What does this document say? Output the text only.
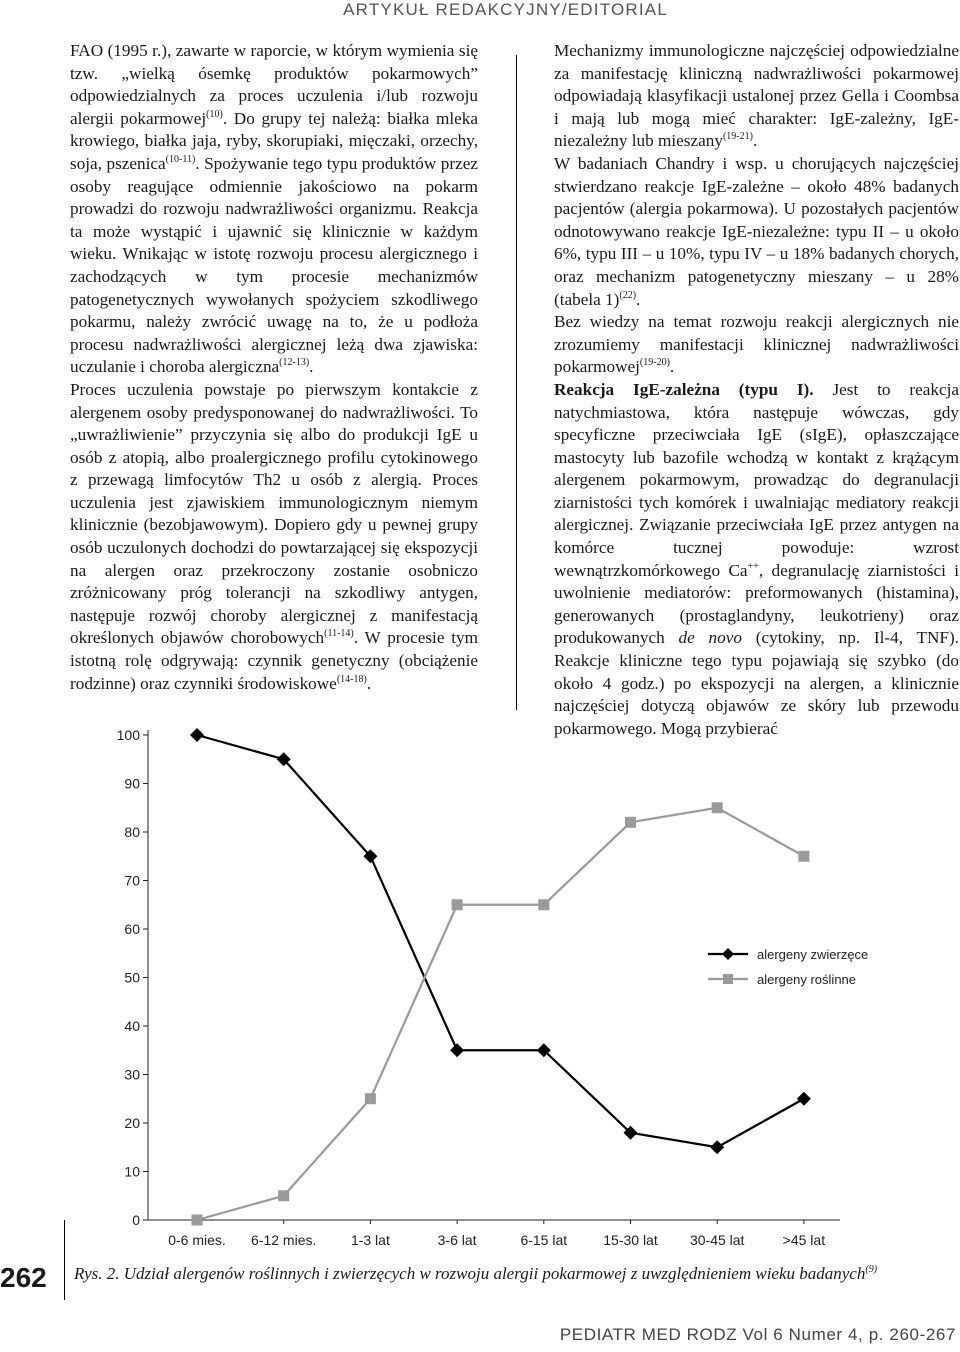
ARTYKUŁ REDAKCYJNY/EDITORIAL

FAO (1995 r.), zawarte w raporcie, w którym wymienia się tzw. „wielką ósemkę produktów pokarmowych” odpowiedzialnych za proces uczulenia i/lub rozwoju alergii pokarmowej$^{(10)}$. Do grupy tej należą: białka mleka krowiego, białka jaja, ryby, skorupiaki, mięczaki, orzechy, soja, pszenica$^{(10-11)}$. Spożywanie tego typu produktów przez osoby reagujące odmiennie jakościowo na pokarm prowadzi do rozwoju nadwrażliwości organizmu. Reakcja ta może wystąpić i ujawnić się klinicznie w każdym wieku. Wnikając w istotę rozwoju procesu alergicznego i zachodzących w tym procesie mechanizmów patogenetycznych wywołanych spożyciem szkodliwego pokarmu, należy zwrócić uwagę na to, że u podłoża procesu nadwrażliwości alergicznej leżą dwa zjawiska: uczulanie i choroba alergiczna$^{(12-13)}$.

Proces uczulenia powstaje po pierwszym kontakcie z alergenem osoby predysponowanej do nadwrażliwości. To „uwrażliwienie” przyczynia się albo do produkcji IgE u osób z atopią, albo proalergicznego profilu cytokinowego z przewagą limfocytów Th2 u osób z alergią. Proces uczulenia jest zjawiskiem immunologicznym niemym klinicznie (bezobjawowym). Dopiero gdy u pewnej grupy osób uczulonych dochodzi do powtarzającej się ekspozycji na alergen oraz przekroczony zostanie osobniczo zróżnicowany próg tolerancji na szkodliwy antygen, następuje rozwój choroby alergicznej z manifestacją określonych objawów chorobowych$^{(11-14)}$. W procesie tym istotną rolę odgrywają: czynnik genetyczny (obciążenie rodzinne) oraz czynniki środowiskowe$^{(14-18)}$.

Mechanizmy immunologiczne najczęściej odpowiedzialne za manifestację kliniczną nadwrażliwości pokarmowej odpowiadają klasyfikacji ustalonej przez Gella i Coombsa i mają lub mogą mieć charakter: IgE-zależny, IgE-niezależny lub mieszany$^{(19-21)}$.

W badaniach Chandry i wsp. u chorujących najczęściej stwierdzano reakcje IgE-zależne – około 48% badanych pacjentów (alergia pokarmowa). U pozostałych pacjentów odnotowywano reakcje IgE-niezależne: typu II – u około 6%, typu III – u 10%, typu IV – u 18% badanych chorych, oraz mechanizm patogenetyczny mieszany – u 28% (tabela 1)$^{(22)}$.

Bez wiedzy na temat rozwoju reakcji alergicznych nie zrozumiemy manifestacji klinicznej nadwrażliwości pokarmowej$^{(19-20)}$.

Reakcja IgE-zależna (typu I). Jest to reakcja natychmiastowa, która następuje wówczas, gdy specyficzne przeciwciała IgE (sIgE), opłaszczające mastocyty lub bazofile wchodzą w kontakt z krążącym alergenem pokarmowym, prowadząc do degranulacji ziarnistości tych komórek i uwalniając mediatory reakcji alergicznej. Związanie przeciwciała IgE przez antygen na komórce tucznej powoduje: wzrost wewnątrzkomórkowego Ca++, degranulację ziarnistości i uwolnienie mediatorów: preformowanych (histamina), generowanych (prostaglandyny, leukotrieny) oraz produkowanych de novo (cytokiny, np. Il-4, TNF). Reakcje kliniczne tego typu pojawiają się szybko (do około 4 godz.) po ekspozycji na alergen, a klinicznie najczęściej dotyczą objawów ze skóry lub przewodu pokarmowego. Mogą przybierać

0
10
20
30
40
50
60
70
80
90
100
0-6 mies. 6-12 mies. 1-3 lat	3-6 lat	6-15 lat	15-30 lat 30-45 lat	>45 lat
alergeny zwierzęce
alergeny roślinne
262 Rys. 2. Udział alergenów roślinnych i zwierzęcych w rozwoju alergii pokarmowej z uwzględnieniem wieku badanych$^{(9)}$
PEDIATR MED RODZ Vol 6 Numer 4, p. 260-267
